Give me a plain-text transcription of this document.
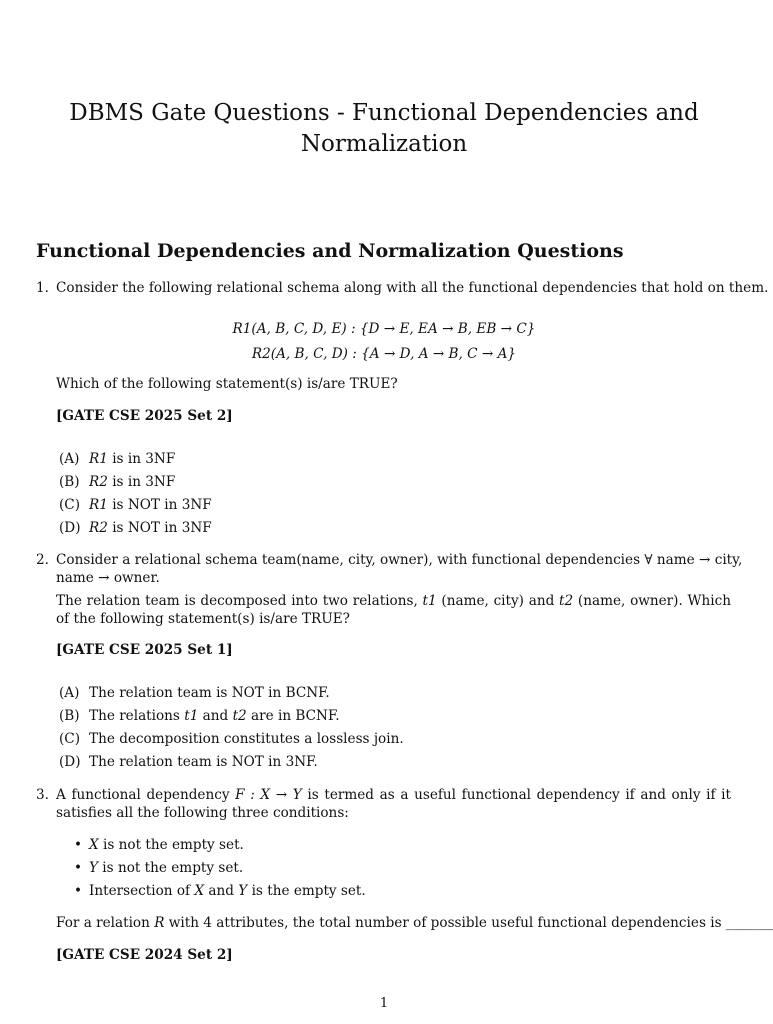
DBMS Gate Questions - Functional Dependencies and Normalization
Functional Dependencies and Normalization Questions
1. Consider the following relational schema along with all the functional dependencies that hold on them.
R1(A, B, C, D, E) : {D → E, EA → B, EB → C}
R2(A, B, C, D) : {A → D, A → B, C → A}
Which of the following statement(s) is/are TRUE?
[GATE CSE 2025 Set 2]
(A) R1 is in 3NF
(B) R2 is in 3NF
(C) R1 is NOT in 3NF
(D) R2 is NOT in 3NF
2. Consider a relational schema team(name, city, owner), with functional dependencies ∀ name → city,
name → owner.
The relation team is decomposed into two relations, t1 (name, city) and t2 (name, owner). Which of the following statement(s) is/are TRUE?
[GATE CSE 2025 Set 1]
(A) The relation team is NOT in BCNF.
(B) The relations t1 and t2 are in BCNF.
(C) The decomposition constitutes a lossless join.
(D) The relation team is NOT in 3NF.
3. A functional dependency F : X → Y is termed as a useful functional dependency if and only if it satisfies all the following three conditions:
• X is not the empty set.
• Y is not the empty set.
• Intersection of X and Y is the empty set.
For a relation R with 4 attributes, the total number of possible useful functional dependencies is _______
[GATE CSE 2024 Set 2]
1
